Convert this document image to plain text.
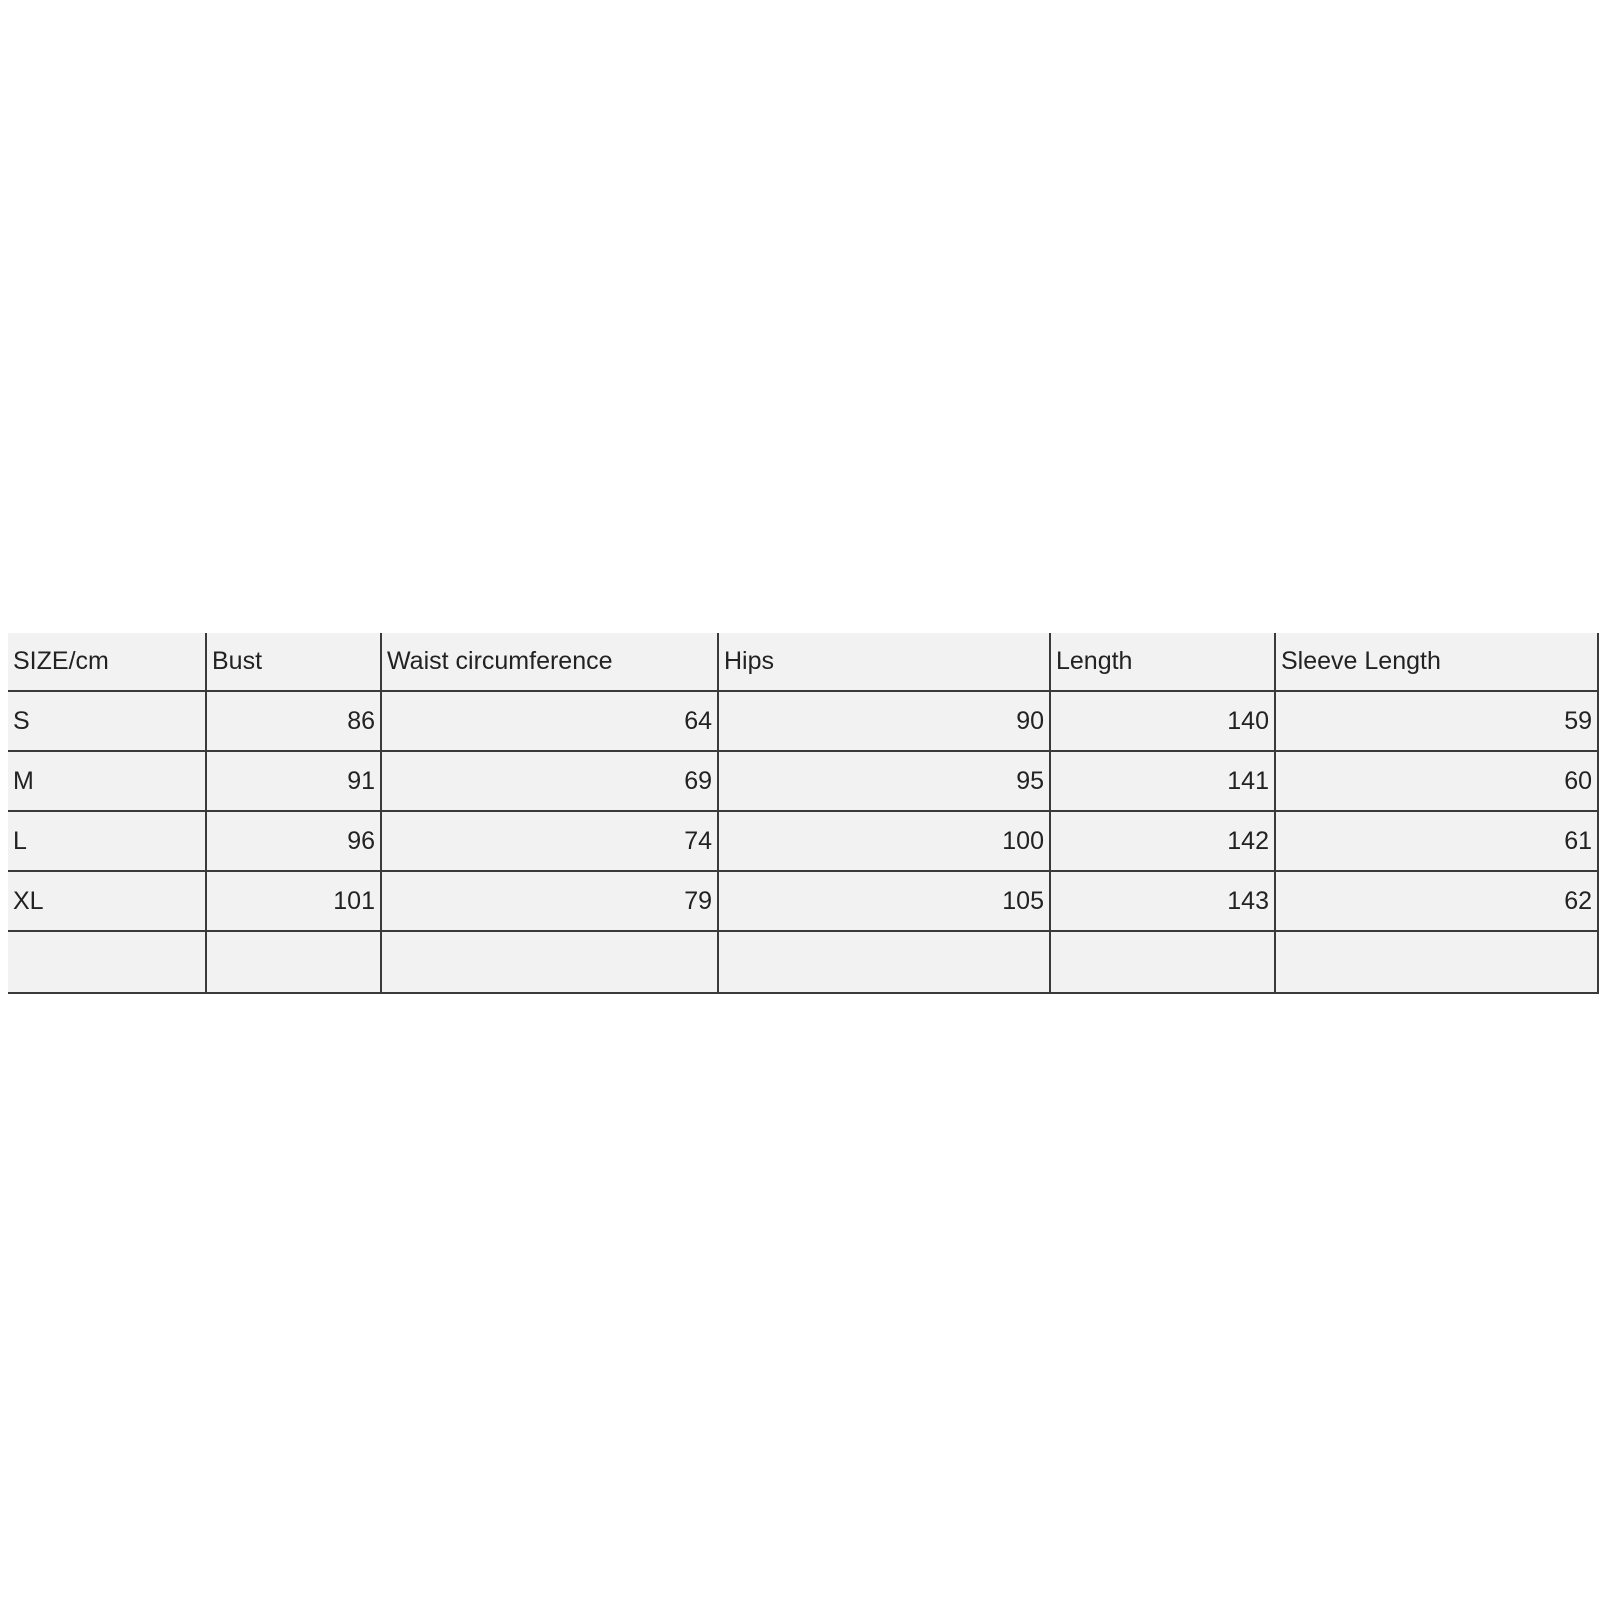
SIZE/cm	Bust	Waist circumference	Hips	Length	Sleeve Length
S	86	64	90	140	59
M	91	69	95	141	60
L	96	74	100	142	61
XL	101	79	105	143	62
